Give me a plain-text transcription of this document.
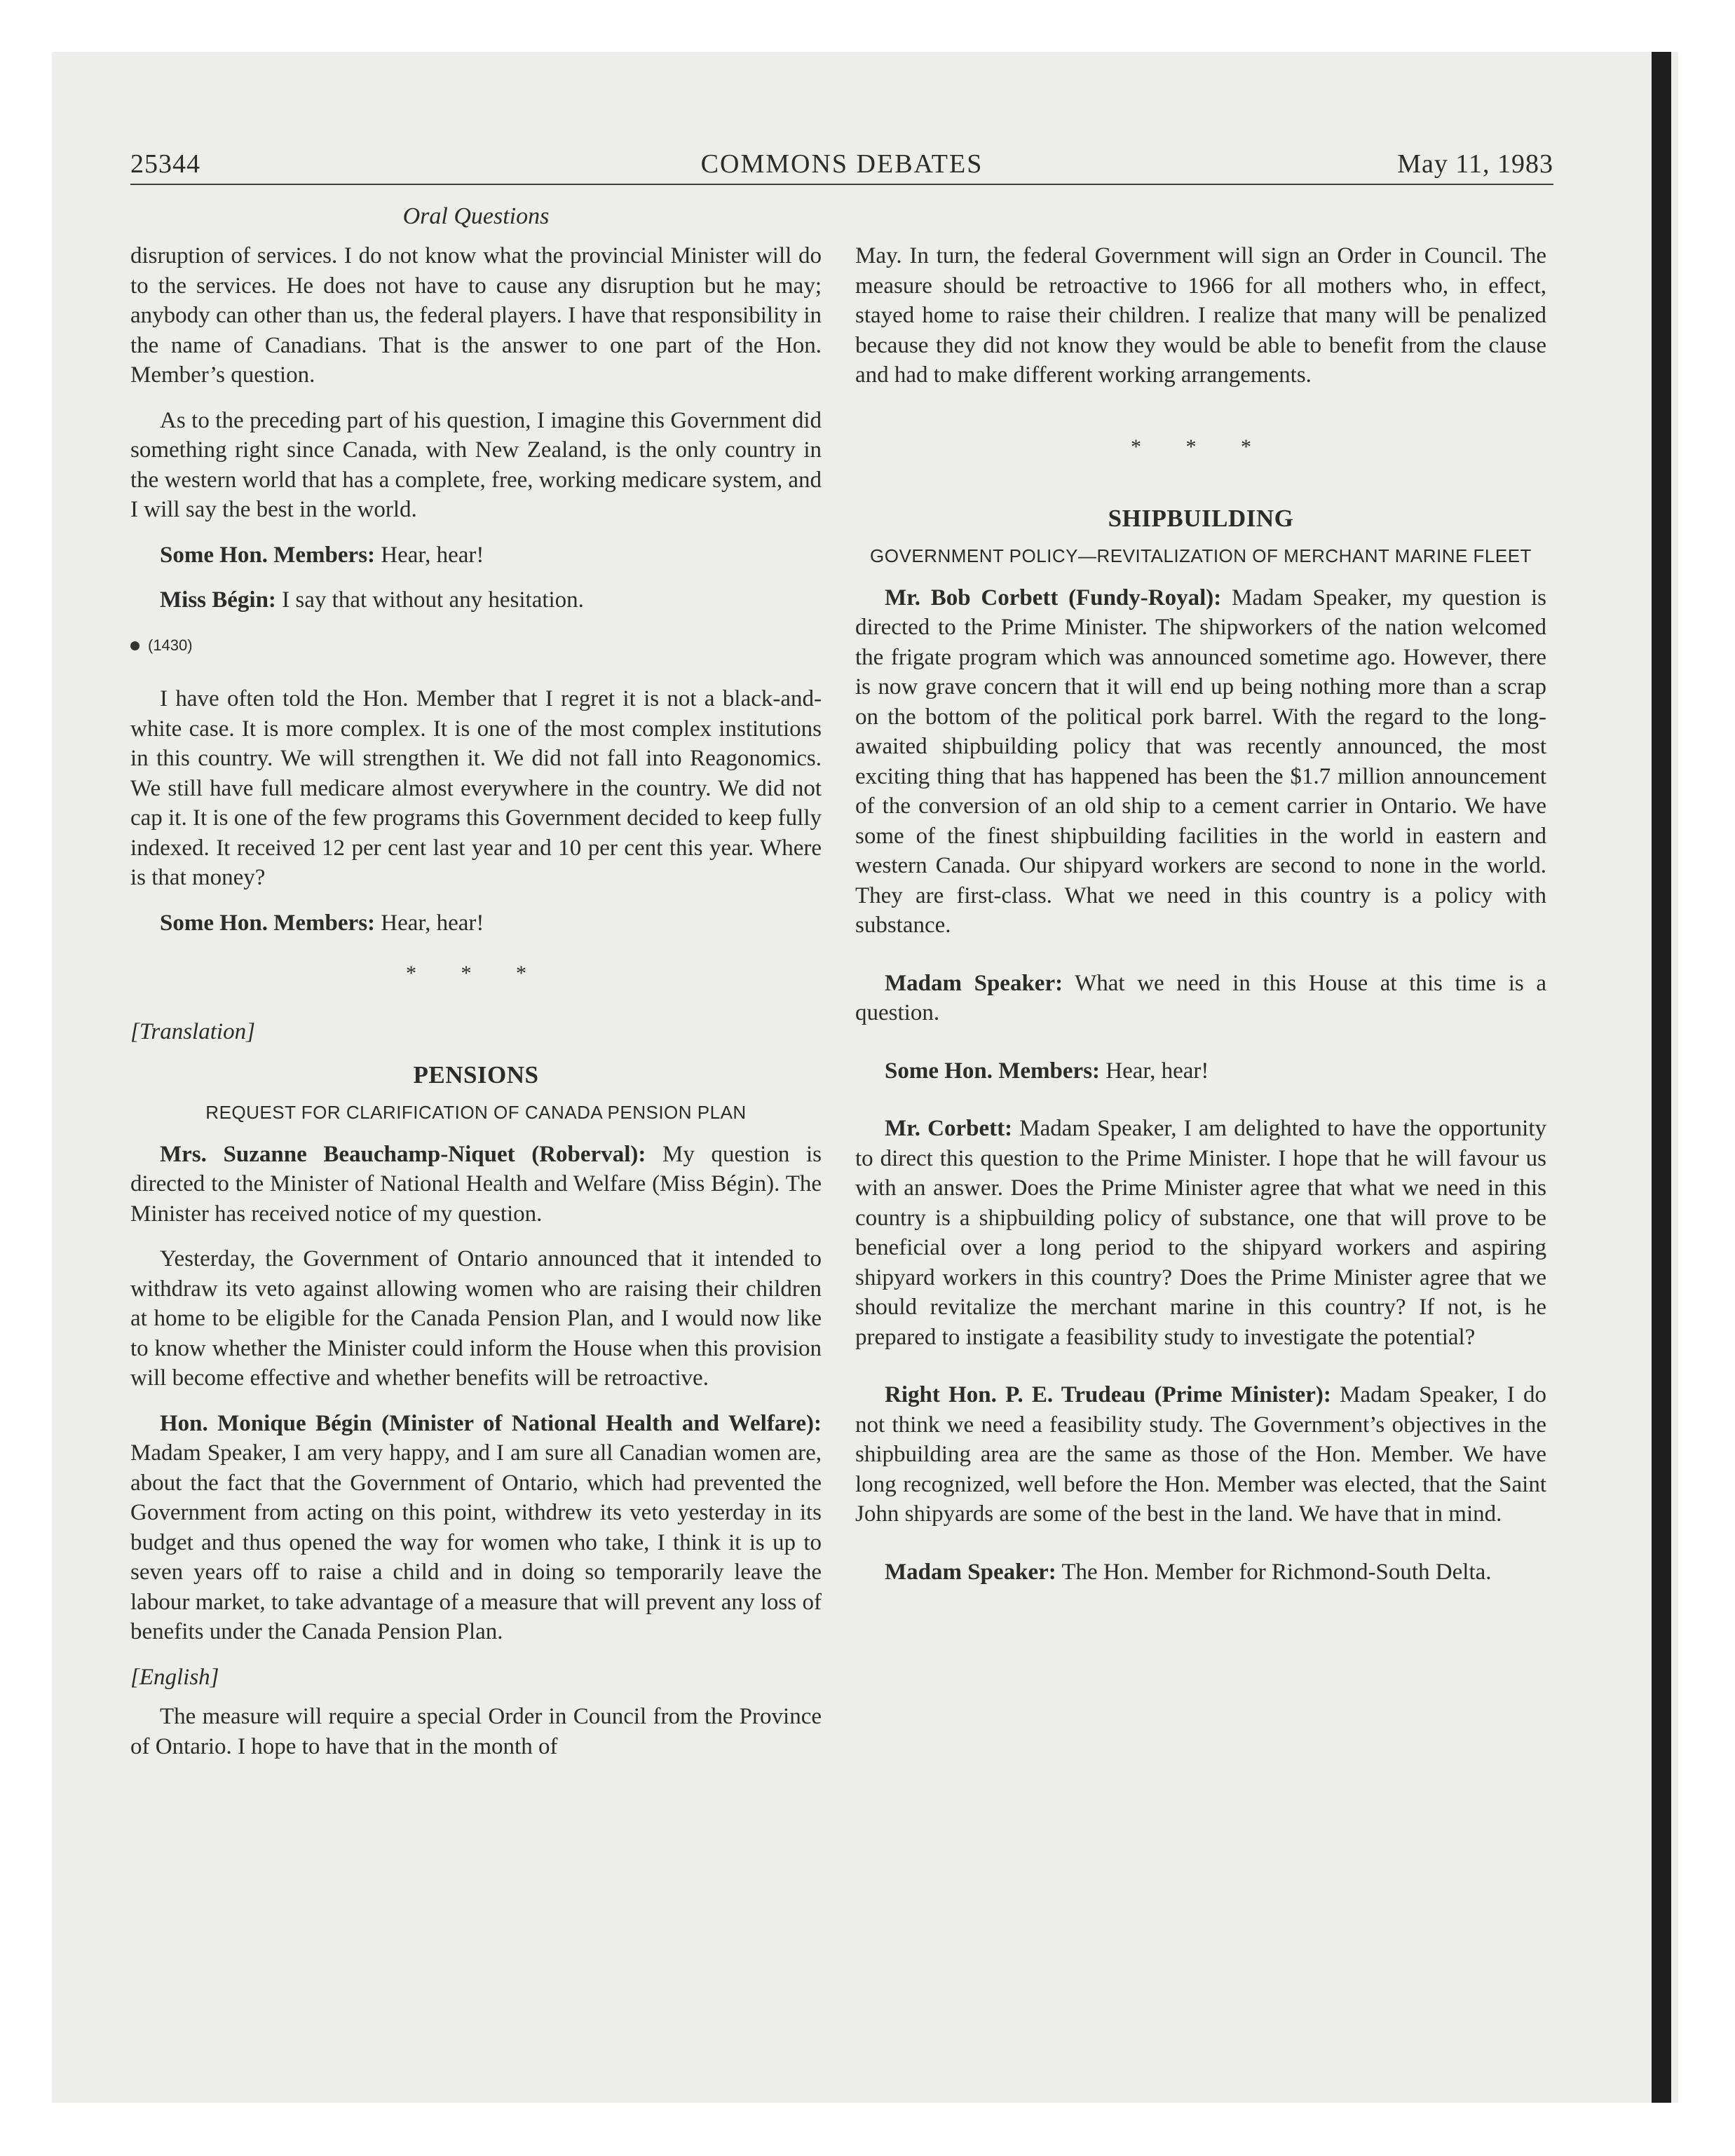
25344	COMMONS DEBATES	May 11, 1983
Oral Questions

disruption of services. I do not know what the provincial Minister will do to the services. He does not have to cause any disruption but he may; anybody can other than us, the federal players. I have that responsibility in the name of Canadians. That is the answer to one part of the Hon. Member’s question.

As to the preceding part of his question, I imagine this Government did something right since Canada, with New Zealand, is the only country in the western world that has a complete, free, working medicare system, and I will say the best in the world.

Some Hon. Members: Hear, hear!

Miss Bégin: I say that without any hesitation.

(1430)

I have often told the Hon. Member that I regret it is not a black-and-white case. It is more complex. It is one of the most complex institutions in this country. We will strengthen it. We did not fall into Reagonomics. We still have full medicare almost everywhere in the country. We did not cap it. It is one of the few programs this Government decided to keep fully indexed. It received 12 per cent last year and 10 per cent this year. Where is that money?

Some Hon. Members: Hear, hear!

* * *
[Translation]
PENSIONS
REQUEST FOR CLARIFICATION OF CANADA PENSION PLAN

Mrs. Suzanne Beauchamp-Niquet (Roberval): My question is directed to the Minister of National Health and Welfare (Miss Bégin). The Minister has received notice of my question.

Yesterday, the Government of Ontario announced that it intended to withdraw its veto against allowing women who are raising their children at home to be eligible for the Canada Pension Plan, and I would now like to know whether the Minister could inform the House when this provision will become effective and whether benefits will be retroactive.

Hon. Monique Bégin (Minister of National Health and Welfare): Madam Speaker, I am very happy, and I am sure all Canadian women are, about the fact that the Government of Ontario, which had prevented the Government from acting on this point, withdrew its veto yesterday in its budget and thus opened the way for women who take, I think it is up to seven years off to raise a child and in doing so temporarily leave the labour market, to take advantage of a measure that will prevent any loss of benefits under the Canada Pension Plan.

[English]

The measure will require a special Order in Council from the Province of Ontario. I hope to have that in the month of

May. In turn, the federal Government will sign an Order in Council. The measure should be retroactive to 1966 for all mothers who, in effect, stayed home to raise their children. I realize that many will be penalized because they did not know they would be able to benefit from the clause and had to make different working arrangements.

* * *
SHIPBUILDING
GOVERNMENT POLICY—REVITALIZATION OF MERCHANT MARINE FLEET

Mr. Bob Corbett (Fundy-Royal): Madam Speaker, my question is directed to the Prime Minister. The shipworkers of the nation welcomed the frigate program which was announced sometime ago. However, there is now grave concern that it will end up being nothing more than a scrap on the bottom of the political pork barrel. With the regard to the long-awaited shipbuilding policy that was recently announced, the most exciting thing that has happened has been the $1.7 million announcement of the conversion of an old ship to a cement carrier in Ontario. We have some of the finest shipbuilding facilities in the world in eastern and western Canada. Our shipyard workers are second to none in the world. They are first-class. What we need in this country is a policy with substance.

Madam Speaker: What we need in this House at this time is a question.

Some Hon. Members: Hear, hear!

Mr. Corbett: Madam Speaker, I am delighted to have the opportunity to direct this question to the Prime Minister. I hope that he will favour us with an answer. Does the Prime Minister agree that what we need in this country is a shipbuilding policy of substance, one that will prove to be beneficial over a long period to the shipyard workers and aspiring shipyard workers in this country? Does the Prime Minister agree that we should revitalize the merchant marine in this country? If not, is he prepared to instigate a feasibility study to investigate the potential?

Right Hon. P. E. Trudeau (Prime Minister): Madam Speaker, I do not think we need a feasibility study. The Government’s objectives in the shipbuilding area are the same as those of the Hon. Member. We have long recognized, well before the Hon. Member was elected, that the Saint John shipyards are some of the best in the land. We have that in mind.

Madam Speaker: The Hon. Member for Richmond-South Delta.
